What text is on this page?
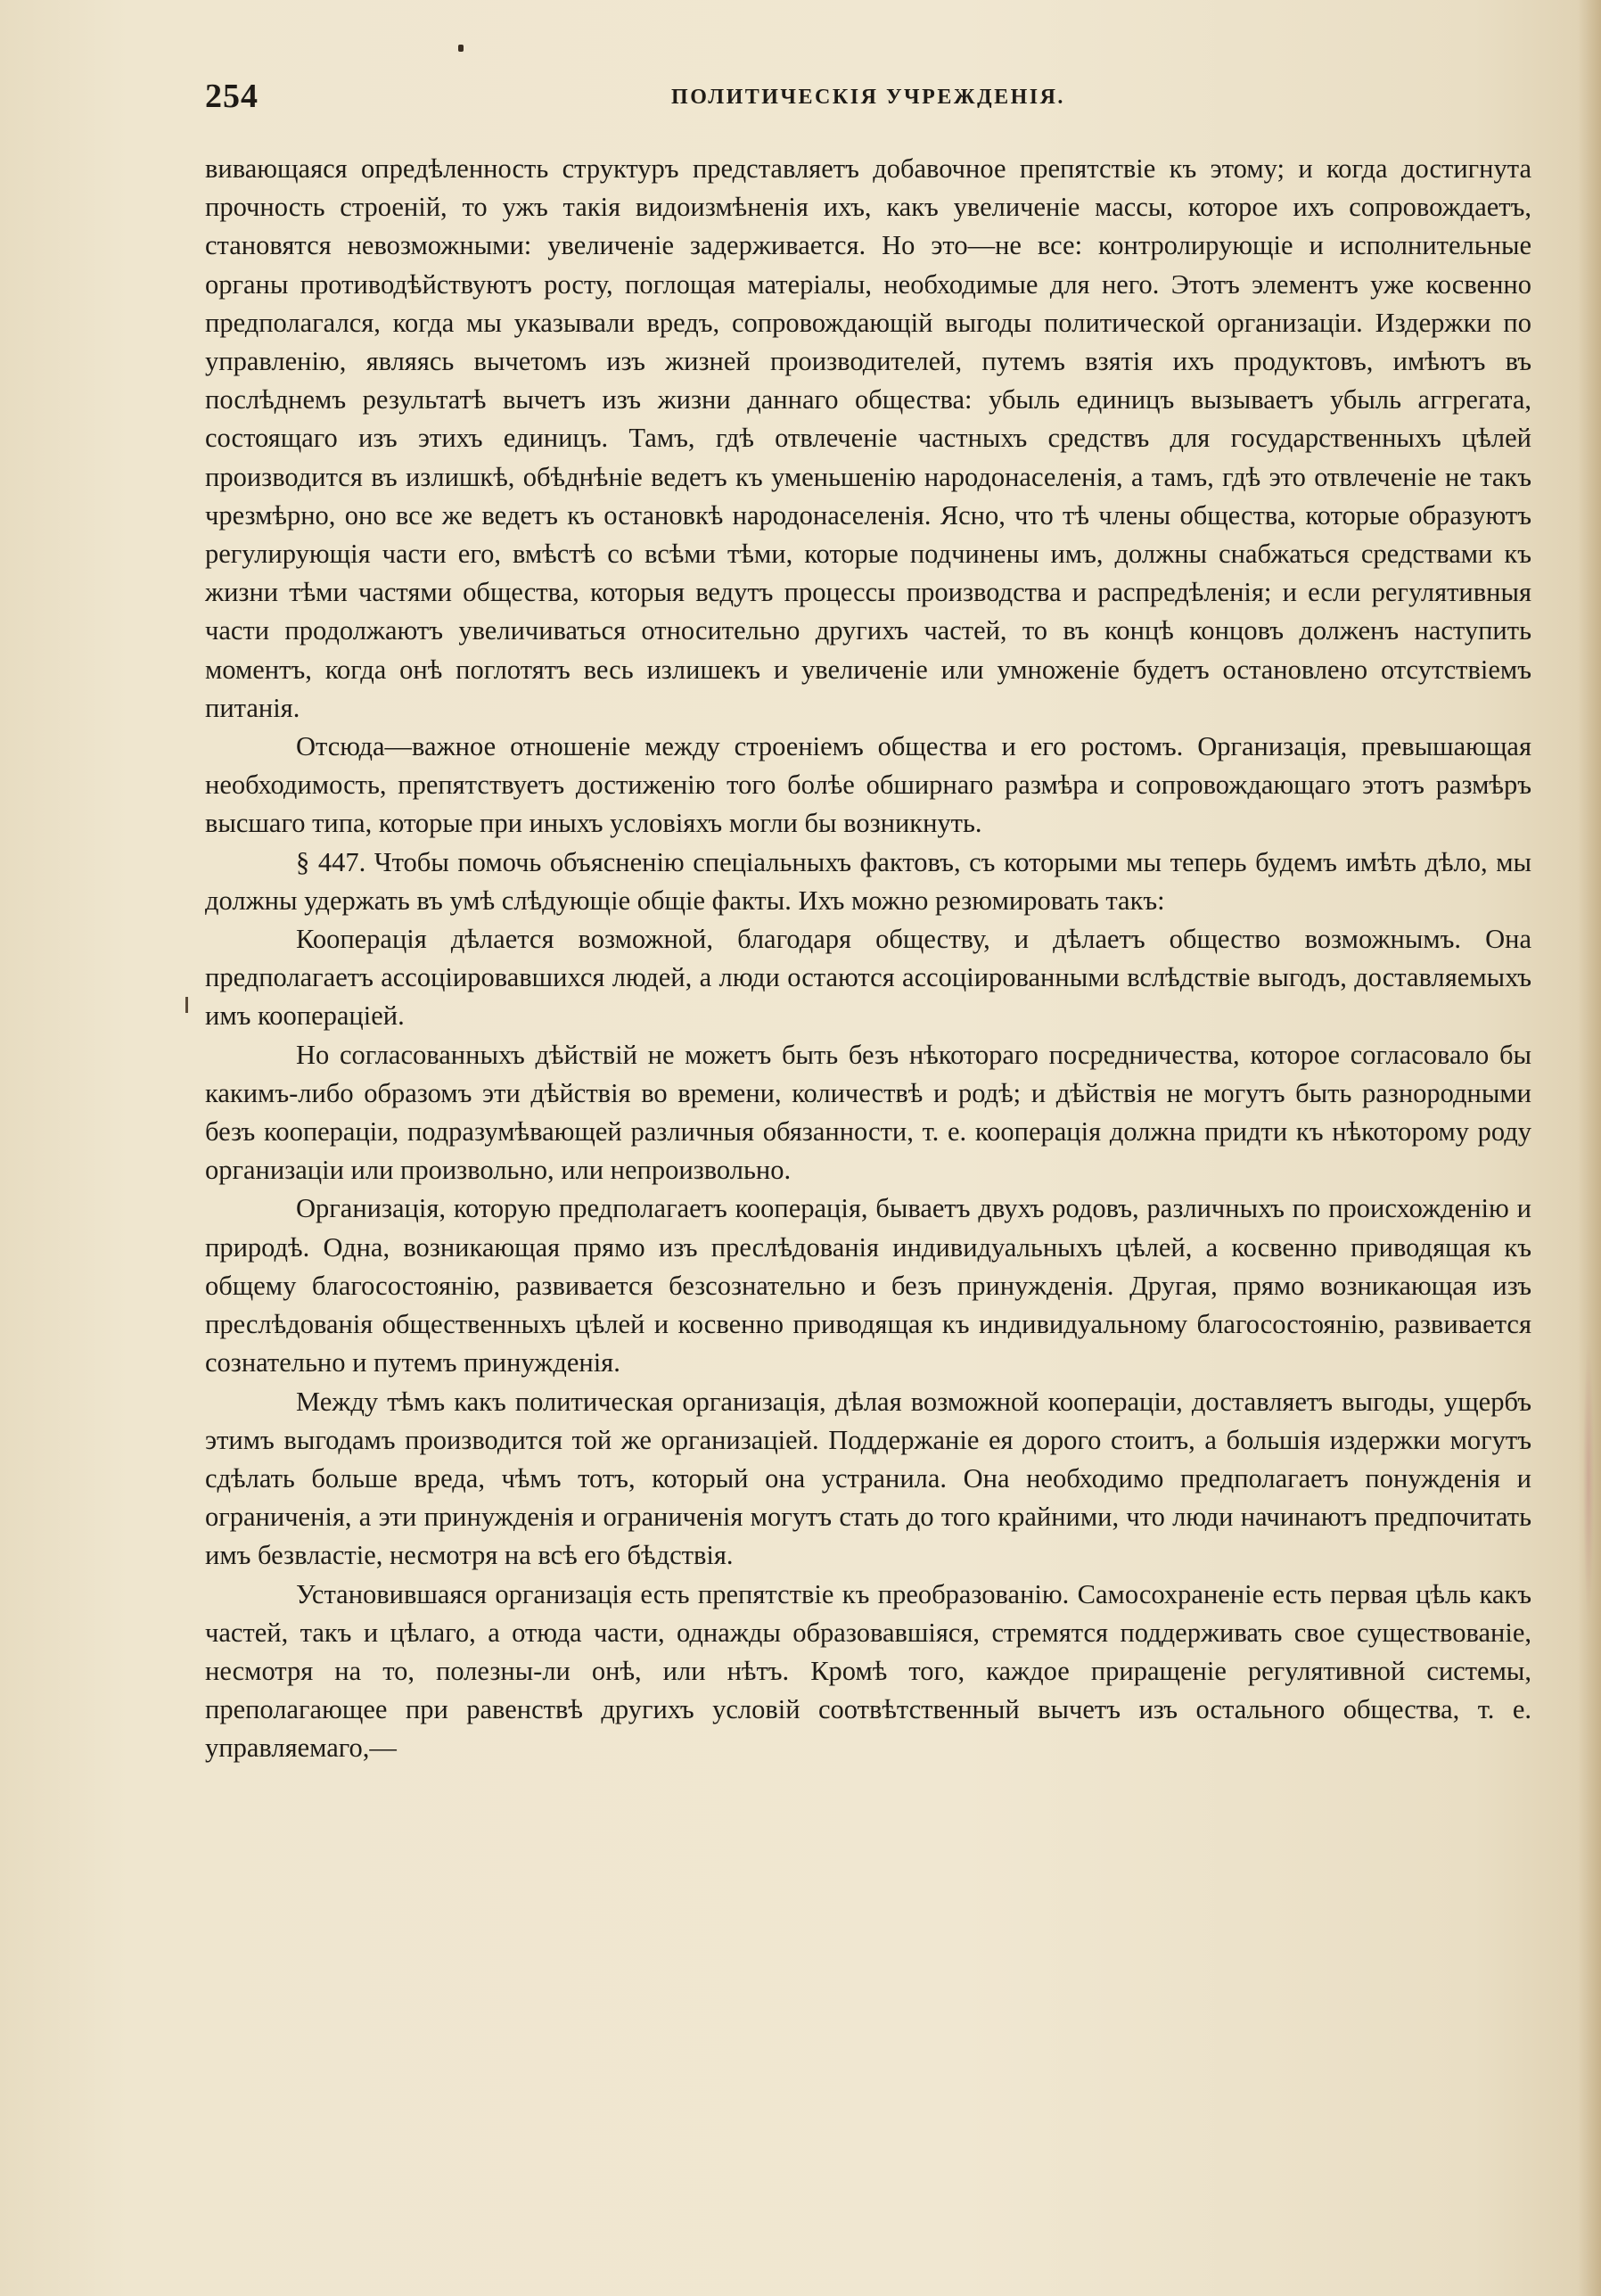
254	ПОЛИТИЧЕСКІЯ УЧРЕЖДЕНІЯ.

вивающаяся опредѣленность структуръ представляетъ добавочное препятствіе къ этому; и когда достигнута прочность строеній, то ужъ такія видоизмѣненія ихъ, какъ увеличеніе массы, которое ихъ сопровождаетъ, становятся невозможными: увеличеніе задерживается. Но это—не все: контролирующіе и исполнительные органы противодѣйствуютъ росту, поглощая матеріалы, необходимые для него. Этотъ элементъ уже косвенно предполагался, когда мы указывали вредъ, сопровождающій выгоды политической организаціи. Издержки по управленію, являясь вычетомъ изъ жизней производителей, путемъ взятія ихъ продуктовъ, имѣютъ въ послѣднемъ результатѣ вычетъ изъ жизни даннаго общества: убыль единицъ вызываетъ убыль аггрегата, состоящаго изъ этихъ единицъ. Тамъ, гдѣ отвлеченіе частныхъ средствъ для государственныхъ цѣлей производится въ излишкѣ, обѣднѣніе ведетъ къ уменьшенію народонаселенія, а тамъ, гдѣ это отвлеченіе не такъ чрезмѣрно, оно все же ведетъ къ остановкѣ народонаселенія. Ясно, что тѣ члены общества, которые образуютъ регулирующія части его, вмѣстѣ со всѣми тѣми, которые подчинены имъ, должны снабжаться средствами къ жизни тѣми частями общества, которыя ведутъ процессы производства и распредѣленія; и если регулятивныя части продолжаютъ увеличиваться относительно другихъ частей, то въ концѣ концовъ долженъ наступить моментъ, когда онѣ поглотятъ весь излишекъ и увеличеніе или умноженіе будетъ остановлено отсутствіемъ питанія.

Отсюда—важное отношеніе между строеніемъ общества и его ростомъ. Организація, превышающая необходимость, препятствуетъ достиженію того болѣе обширнаго размѣра и сопровождающаго этотъ размѣръ высшаго типа, которые при иныхъ условіяхъ могли бы возникнуть.

§ 447. Чтобы помочь объясненію спеціальныхъ фактовъ, съ которыми мы теперь будемъ имѣть дѣло, мы должны удержать въ умѣ слѣдующіе общіе факты. Ихъ можно резюмировать такъ:

Кооперація дѣлается возможной, благодаря обществу, и дѣлаетъ общество возможнымъ. Она предполагаетъ ассоціировавшихся людей, а люди остаются ассоціированными вслѣдствіе выгодъ, доставляемыхъ имъ коопераціей.

Но согласованныхъ дѣйствій не можетъ быть безъ нѣкотораго посредничества, которое согласовало бы какимъ-либо образомъ эти дѣйствія во времени, количествѣ и родѣ; и дѣйствія не могутъ быть разнородными безъ коопераціи, подразумѣвающей различныя обязанности, т. е. кооперація должна придти къ нѣкоторому роду организаціи или произвольно, или непроизвольно.

Организація, которую предполагаетъ кооперація, бываетъ двухъ родовъ, различныхъ по происхожденію и природѣ. Одна, возникающая прямо изъ преслѣдованія индивидуальныхъ цѣлей, а косвенно приводящая къ общему благосостоянію, развивается безсознательно и безъ принужденія. Другая, прямо возникающая изъ преслѣдованія общественныхъ цѣлей и косвенно приводящая къ индивидуальному благосостоянію, развивается сознательно и путемъ принужденія.

Между тѣмъ какъ политическая организація, дѣлая возможной коопераціи, доставляетъ выгоды, ущербъ этимъ выгодамъ производится той же организаціей. Поддержаніе ея дорого стоитъ, а большія издержки могутъ сдѣлать больше вреда, чѣмъ тотъ, который она устранила. Она необходимо предполагаетъ понужденія и ограниченія, а эти принужденія и ограниченія могутъ стать до того крайними, что люди начинаютъ предпочитать имъ безвластіе, несмотря на всѣ его бѣдствія.

Установившаяся организація есть препятствіе къ преобразованію. Самосохраненіе есть первая цѣль какъ частей, такъ и цѣлаго, а отюда части, однажды образовавшіяся, стремятся поддерживать свое существованіе, несмотря на то, полезны-ли онѣ, или нѣтъ. Кромѣ того, каждое приращеніе регулятивной системы, преполагающее при равенствѣ другихъ условій соотвѣтственный вычетъ изъ остального общества, т. е. управляемаго,—
